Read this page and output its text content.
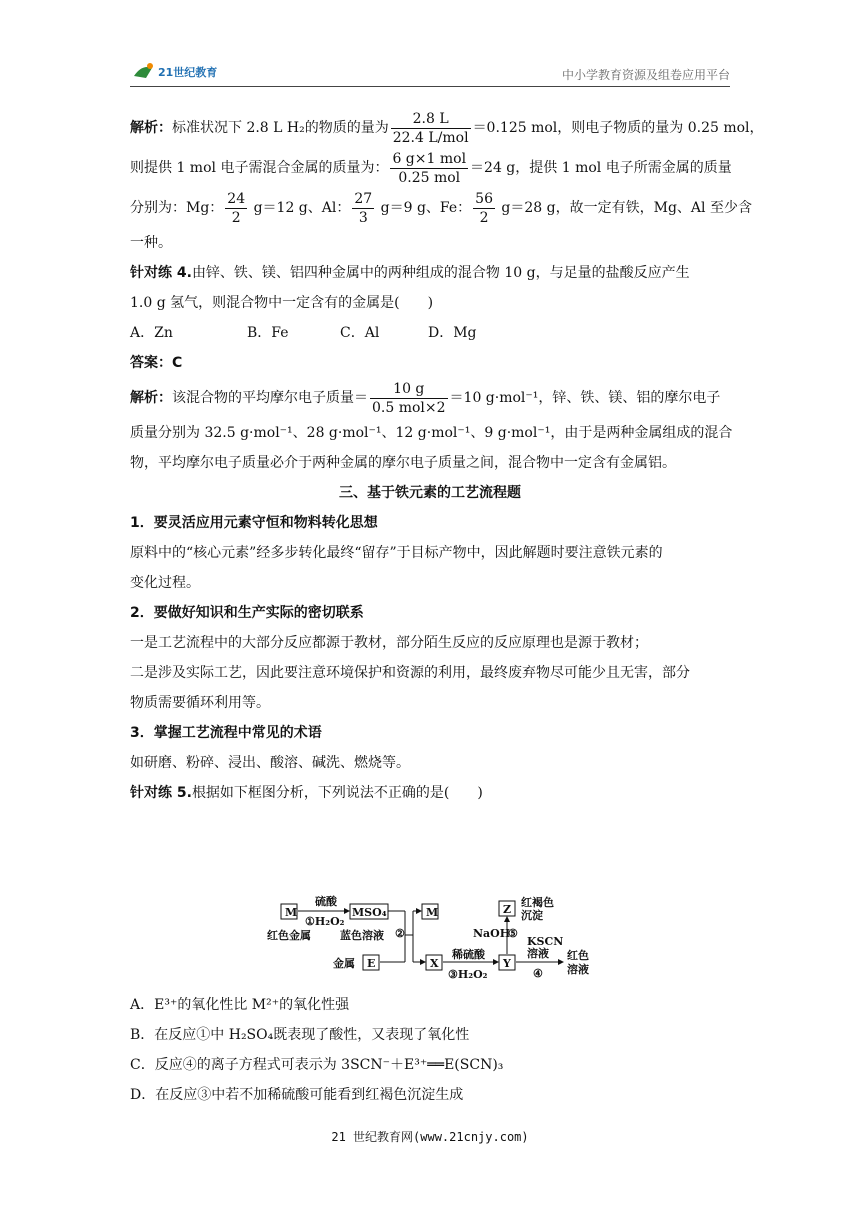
21世纪教育	中小学教育资源及组卷应用平台
解析：标准状况下 2.8 L H₂的物质的量为 $\frac{2.8 L}{\text{22.4 L/mol}} =0.125$ mol，则电子物质的量为 0.25 mol，
则提供 1 mol 电子需混合金属的质量为： $\frac{\text{6 g×1 mol}}{\text{0.25 mol}} =24$ g，提供 1 mol 电子所需金属的质量
分别为：Mg： $\frac{24}{2} g=12$ g、Al： $\frac{27}{3} g=9$ g、Fe： $\frac{56}{2} g=28$ g，故一定有铁，Mg、Al 至少含
一种。
针对练 4.由锌、铁、镁、铝四种金属中的两种组成的混合物 10 g，与足量的盐酸反应产生
1.0 g 氢气，则混合物中一定含有的金属是(　　)
A．Zn	B．Fe	C．Al	D．Mg
答案：C
解析：该混合物的平均摩尔电子质量＝ $\frac{10 g}{\text{0.5 mol×2}} =10$ g·mol⁻¹，锌、铁、镁、铝的摩尔电子
质量分别为 32.5 g·mol⁻¹、28 g·mol⁻¹、12 g·mol⁻¹、9 g·mol⁻¹，由于是两种金属组成的混合
物，平均摩尔电子质量必介于两种金属的摩尔电子质量之间，混合物中一定含有金属铝。
三、基于铁元素的工艺流程题
1．要灵活应用元素守恒和物料转化思想
原料中的“核心元素”经多步转化最终“留存”于目标产物中，因此解题时要注意铁元素的
变化过程。
2．要做好知识和生产实际的密切联系
一是工艺流程中的大部分反应都源于教材，部分陌生反应的反应原理也是源于教材；
二是涉及实际工艺，因此要注意环境保护和资源的利用，最终废弃物尽可能少且无害，部分
物质需要循环利用等。
3．掌握工艺流程中常见的术语
如研磨、粉碎、浸出、酸溶、碱洗、燃烧等。
针对练 5.根据如下框图分析，下列说法不正确的是(　　)
M	MSO₄	M	Z
E	X	Y
硫酸
①H₂O₂
红色金属	蓝色溶液 ②
金属
稀硫酸
③H₂O₂
NaOH
⑤
红褐色
沉淀
KSCN
溶液
④
红色
溶液
A．E³⁺的氧化性比 M²⁺的氧化性强
B．在反应①中 H₂SO₄既表现了酸性，又表现了氧化性
C．反应④的离子方程式可表示为 3SCN⁻＋E³⁺══E(SCN)₃
D．在反应③中若不加稀硫酸可能看到红褐色沉淀生成
21 世纪教育网(www.21cnjy.com)
